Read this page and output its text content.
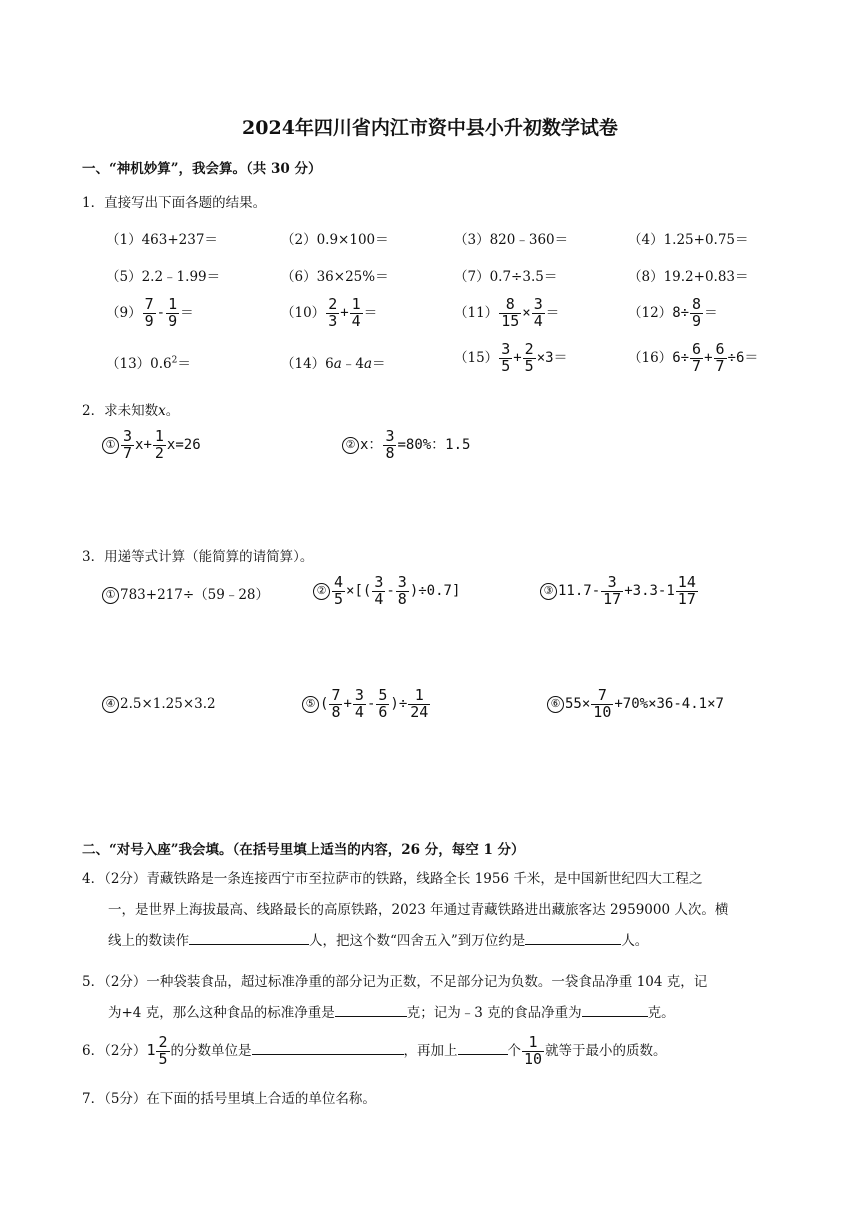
2024年四川省内江市资中县小升初数学试卷
一、“神机妙算”，我会算。（共 30 分）
1．直接写出下面各题的结果。
（1）463+237＝	（2）0.9×100＝	（3）820﹣360＝	（4）1.25+0.75＝
（5）2.2﹣1.99＝	（6）36×25%＝	（7）0.7÷3.5＝	（8）19.2+0.83＝
$(9) \frac{7}{9} - \frac{1}{9}$ ＝	$(10) \frac{2}{3} + \frac{1}{4}$ ＝	$(11) \frac{8}{15} \times \frac{3}{4}$ ＝	$(12)8\div \frac{8}{9}$ ＝
$(13)0.6^2=$	（14）6a﹣4a＝	$(15) \frac{3}{5} + \frac{2}{5} \times 3=$	$(16)6\div \frac{6}{7} + \frac{6}{7} \div 6=$
2．求未知数x。
① $\frac{3}{7} x+ \frac{1}{2} x=26$	② x： $\frac{3}{8} =80\%$：1.5
3．用递等式计算（能简算的请简算）。
① 783+217÷（59﹣28）	② $\frac{4}{5}$ ×[( $\frac{3}{4} - \frac{3}{8} )\div 0.7$]	③ $11.7- \frac{3}{17} +3.3-1 \frac{14}{17}$
④ 2.5×1.25×3.2	⑤ ( $\frac{7}{8} + \frac{3}{4} - \frac{5}{6}$ )÷ $\frac{1}{24}$	⑥ $55\times \frac{7}{10} +70\%\times 36-4.1\times 7$
二、“对号入座”我会填。（在括号里填上适当的内容，26 分，每空 1 分）
4．（2分）青藏铁路是一条连接西宁市至拉萨市的铁路，线路全长 1956 千米，是中国新世纪四大工程之
一，是世界上海拔最高、线路最长的高原铁路，2023 年通过青藏铁路进出藏旅客达 2959000 人次。横
线上的数读作	人，把这个数“四舍五入”到万位约是	人。
5．（2分）一种袋装食品，超过标准净重的部分记为正数，不足部分记为负数。一袋食品净重 104 克，记
为+4 克，那么这种食品的标准净重是	克；记为﹣3 克的食品净重为	克。
6．（2分）$1 \frac{2}{5}$ 的分数单位是	，再加上	个 $\frac{1}{10}$ 就等于最小的质数。
7．（5分）在下面的括号里填上合适的单位名称。
